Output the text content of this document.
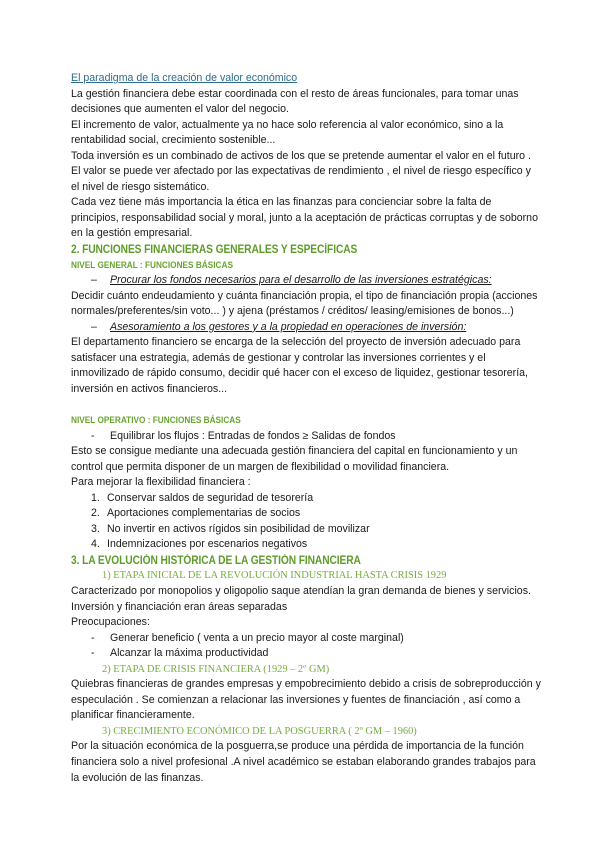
El paradigma de la creación de valor económico

La gestión financiera debe estar coordinada con el resto de áreas funcionales, para tomar unas decisiones que aumenten el valor del negocio.

El incremento de valor, actualmente ya no hace solo referencia al valor económico, sino a la rentabilidad social, crecimiento sostenible...

Toda inversión es un combinado de activos de los que se pretende aumentar el valor en el futuro . El valor se puede ver afectado por las expectativas de rendimiento , el nivel de riesgo específico y el nivel de riesgo sistemático.

Cada vez tiene más importancia la ética en las finanzas para concienciar sobre la falta de principios, responsabilidad social y moral, junto a la aceptación de prácticas corruptas y de soborno en la gestión empresarial.

2. FUNCIONES FINANCIERAS GENERALES Y ESPECÍFICAS

NIVEL GENERAL : FUNCIONES BÁSICAS

–	Procurar los fondos necesarios para el desarrollo de las inversiones estratégicas:

Decidir cuánto endeudamiento y cuánta financiación propia, el tipo de financiación propia (acciones normales/preferentes/sin voto... ) y ajena (préstamos / créditos/ leasing/emisiones de bonos...)

–	Asesoramiento a los gestores y a la propiedad en operaciones de inversión:

El departamento financiero se encarga de la selección del proyecto de inversión adecuado para satisfacer una estrategia, además de gestionar y controlar las inversiones corrientes y el inmovilizado de rápido consumo, decidir qué hacer con el exceso de liquidez, gestionar tesorería, inversión en activos financieros...

NIVEL OPERATIVO : FUNCIONES BÁSICAS

-	Equilibrar los flujos : Entradas de fondos ≥ Salidas de fondos

Esto se consigue mediante una adecuada gestión financiera del capital en funcionamiento y un control que permita disponer de un margen de flexibilidad o movilidad financiera.

Para mejorar la flexibilidad financiera :

1. Conservar saldos de seguridad de tesorería

2. Aportaciones complementarias de socios

3. No invertir en activos rígidos sin posibilidad de movilizar

4. Indemnizaciones por escenarios negativos

3. LA EVOLUCIÓN HISTÓRICA DE LA GESTIÓN FINANCIERA

1) ETAPA INICIAL DE LA REVOLUCIÓN INDUSTRIAL HASTA CRISIS 1929

Caracterizado por monopolios y oligopolio saque atendían la gran demanda de bienes y servicios. Inversión y financiación eran áreas separadas

Preocupaciones:

-	Generar beneficio ( venta a un precio mayor al coste marginal)

-	Alcanzar la máxima productividad

2) ETAPA DE CRISIS FINANCIERA (1929 – 2º GM)

Quiebras financieras de grandes empresas y empobrecimiento debido a crisis de sobreproducción y especulación . Se comienzan a relacionar las inversiones y fuentes de financiación , así como a planificar financieramente.

3) CRECIMIENTO ECONÓMICO DE LA POSGUERRA ( 2º GM – 1960)

Por la situación económica de la posguerra,se produce una pérdida de importancia de la función financiera solo a nivel profesional .A nivel académico se estaban elaborando grandes trabajos para la evolución de las finanzas.
